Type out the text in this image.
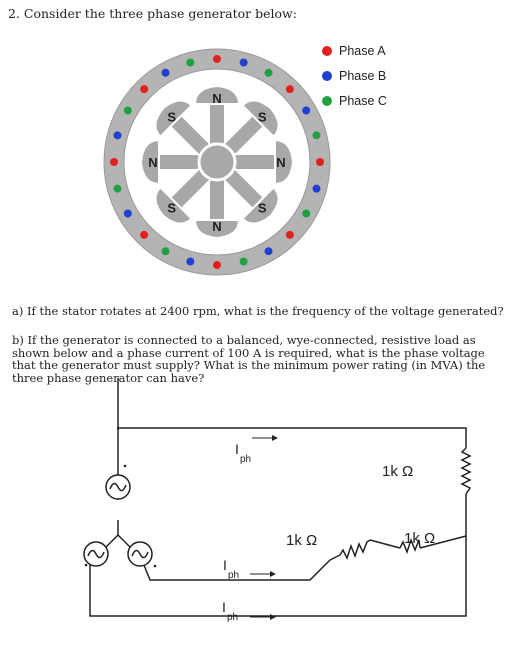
2. Consider the three phase generator below:
Phase A
Phase B
Phase C
N
S
N
S
N
S
N
S
a) If the stator rotates at 2400 rpm, what is the frequency of the voltage generated?
b) If the generator is connected to a balanced, wye-connected, resistive load as
shown below and a phase current of 100 A is required, what is the phase voltage
that the generator must supply? What is the minimum power rating (in MVA) the
three phase generator can have?
I
ph
I
ph
I
ph
1k Ω
1k Ω	1k Ω
